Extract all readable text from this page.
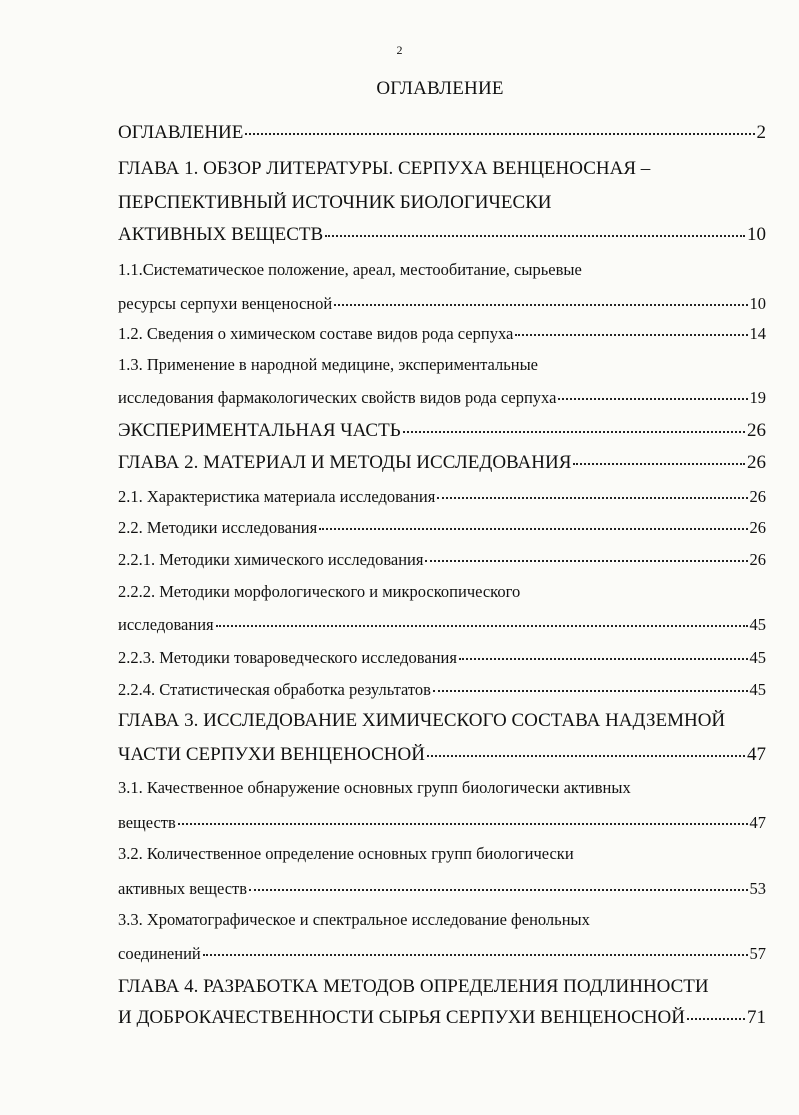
2
ОГЛАВЛЕНИЕ
ОГЛАВЛЕНИЕ	2
ГЛАВА 1. ОБЗОР ЛИТЕРАТУРЫ. СЕРПУХА ВЕНЦЕНОСНАЯ –
ПЕРСПЕКТИВНЫЙ ИСТОЧНИК БИОЛОГИЧЕСКИ
АКТИВНЫХ ВЕЩЕСТВ	10
1.1.Систематическое положение, ареал, местообитание, сырьевые
ресурсы серпухи венценосной	10
1.2. Сведения о химическом составе видов рода серпуха	14
1.3. Применение в народной медицине, экспериментальные
исследования фармакологических свойств видов рода серпуха	19
ЭКСПЕРИМЕНТАЛЬНАЯ ЧАСТЬ	26
ГЛАВА 2. МАТЕРИАЛ И МЕТОДЫ ИССЛЕДОВАНИЯ	26
2.1. Характеристика материала исследования	26
2.2. Методики исследования	26
2.2.1. Методики химического исследования	26
2.2.2. Методики морфологического и микроскопического
исследования	45
2.2.3. Методики товароведческого исследования	45
2.2.4. Статистическая обработка результатов	45
ГЛАВА 3. ИССЛЕДОВАНИЕ ХИМИЧЕСКОГО СОСТАВА НАДЗЕМНОЙ
ЧАСТИ СЕРПУХИ ВЕНЦЕНОСНОЙ	47
3.1. Качественное обнаружение основных групп биологически активных
веществ	47
3.2. Количественное определение основных групп биологически
активных веществ	53
3.3. Хроматографическое и спектральное исследование фенольных
соединений	57
ГЛАВА 4. РАЗРАБОТКА МЕТОДОВ ОПРЕДЕЛЕНИЯ ПОДЛИННОСТИ
И ДОБРОКАЧЕСТВЕННОСТИ СЫРЬЯ СЕРПУХИ ВЕНЦЕНОСНОЙ	71
